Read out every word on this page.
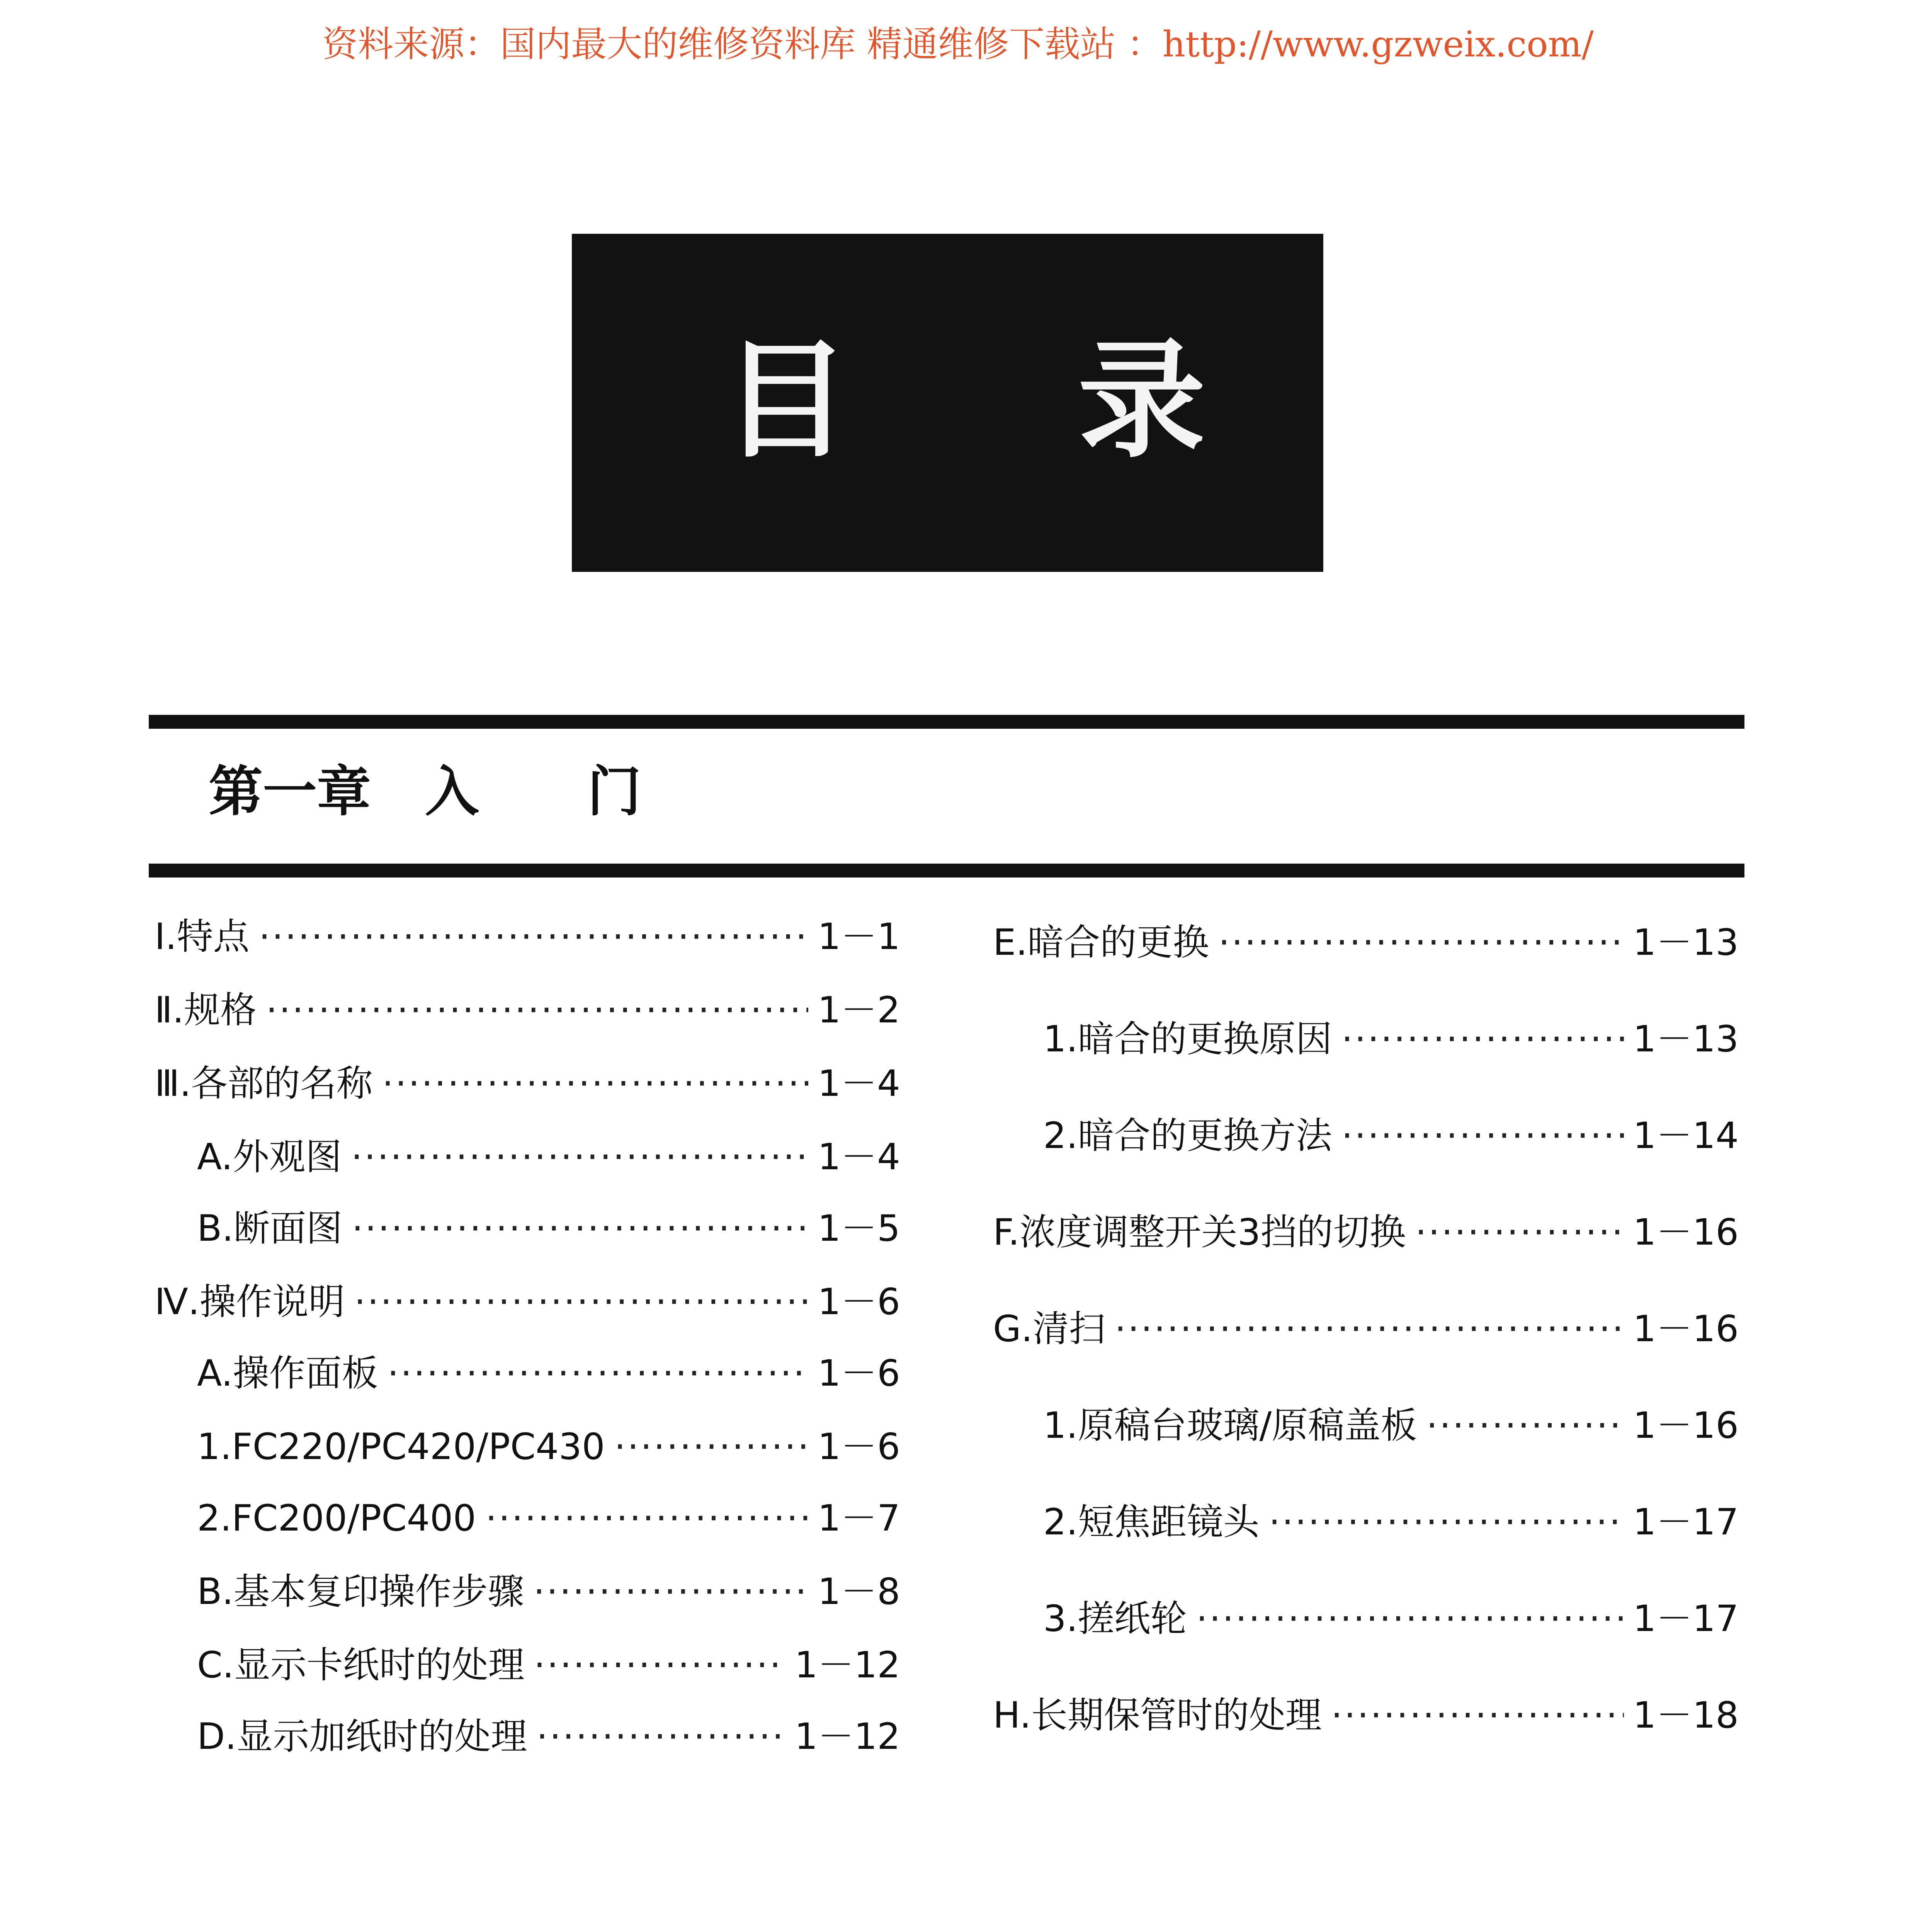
资料来源：国内最大的维修资料库 精通维修下载站 ：http://www.gzweix.com/
目 录
第一章　入　　门
Ⅰ.特点 ·····	1－1
Ⅱ.规格 ·····	1－2
Ⅲ.各部的名称 ·····	1－4
A.外观图 ·····	1－4
B.断面图 ·····	1－5
Ⅳ.操作说明 ·····	1－6
A.操作面板 ·····	1－6
1.FC220/PC420/PC430 ·····	1－6
2.FC200/PC400 ·····	1－7
B.基本复印操作步骤 ·····	1－8
C.显示卡纸时的处理 ·····	1－12
D.显示加纸时的处理 ·····	1－12
E.暗合的更换 ·····	1－13
1.暗合的更换原因 ·····	1－13
2.暗合的更换方法 ·····	1－14
F.浓度调整开关3挡的切换 ·····	1－16
G.清扫 ·····	1－16
1.原稿台玻璃/原稿盖板 ·····	1－16
2.短焦距镜头 ·····	1－17
3.搓纸轮 ·····	1－17
H.长期保管时的处理 ·····	1－18
